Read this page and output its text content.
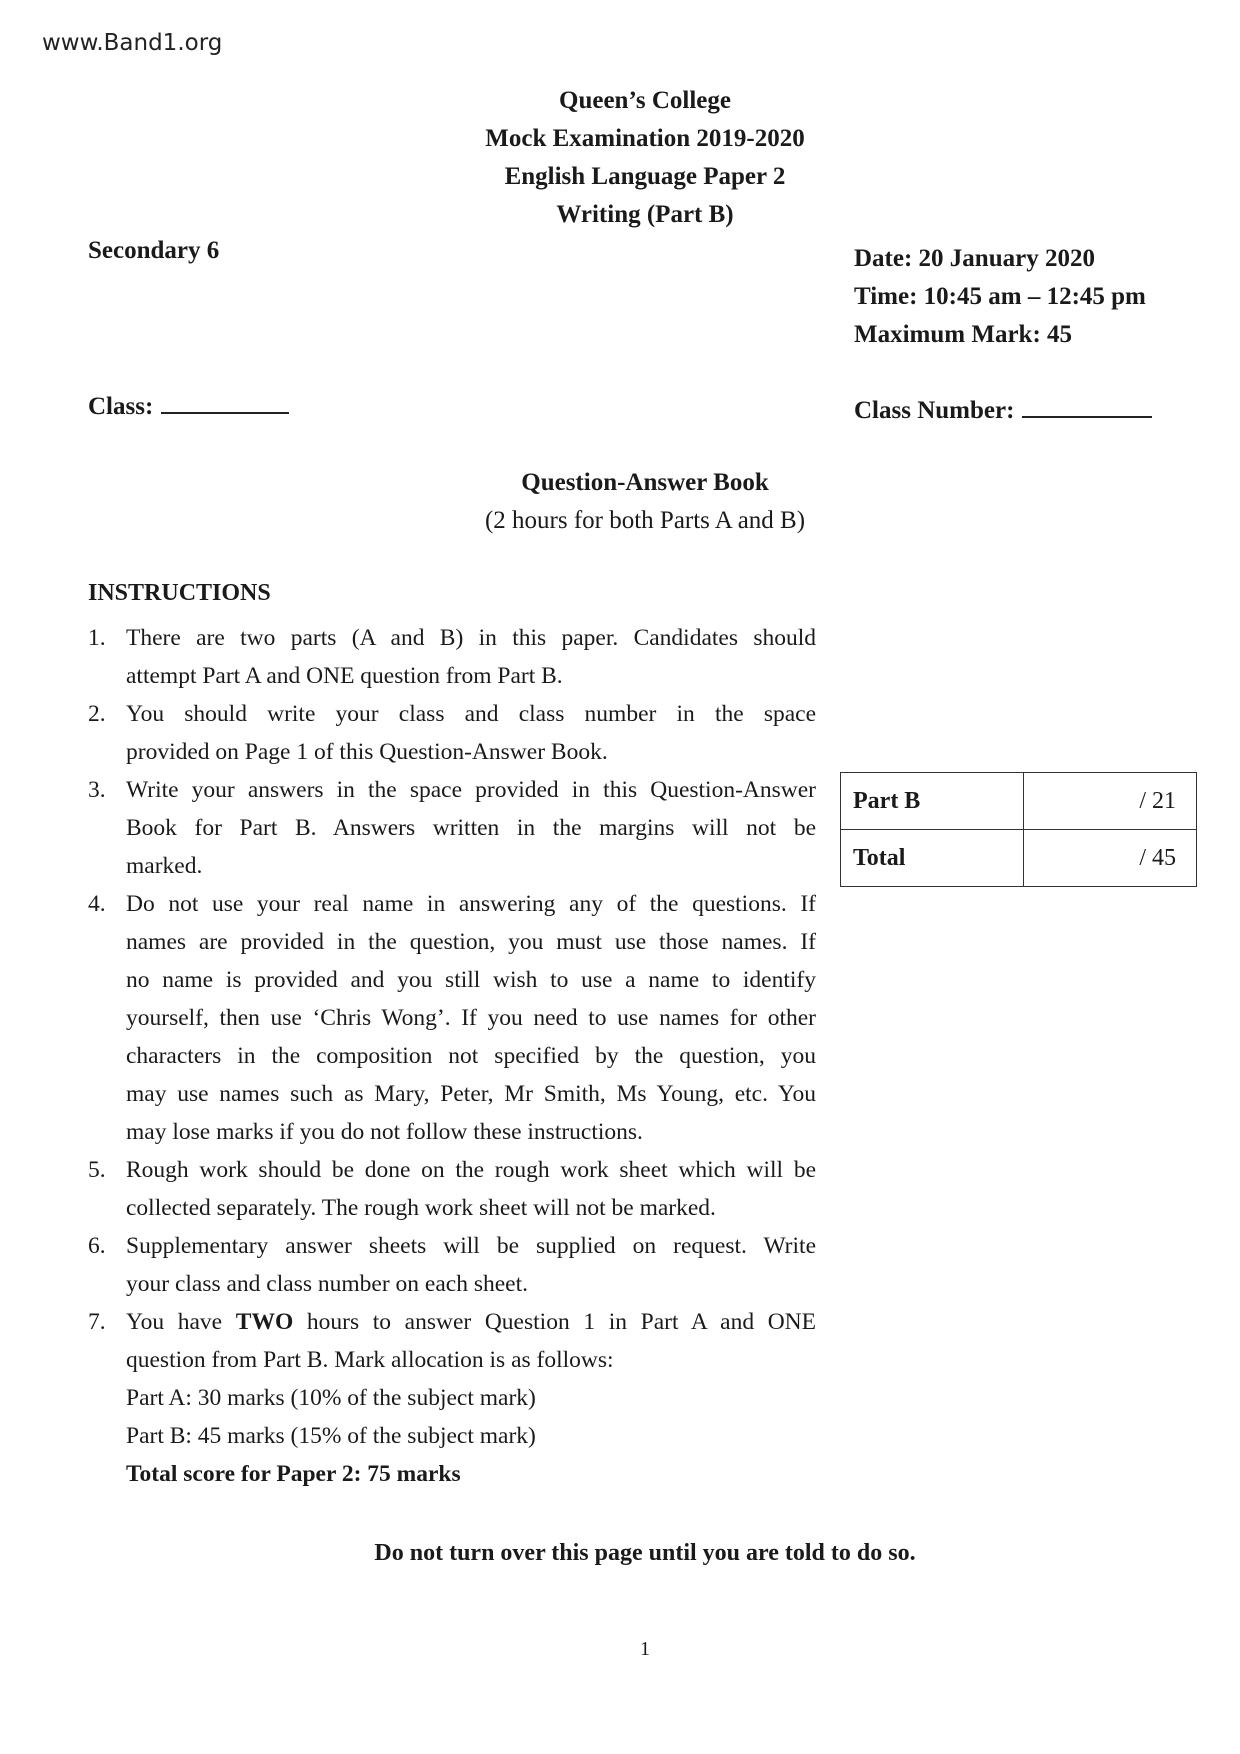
www.Band1.org
Queen’s College
Mock Examination 2019-2020
English Language Paper 2
Writing (Part B)
Secondary 6	Date: 20 January 2020
Time: 10:45 am – 12:45 pm
Maximum Mark: 45
Class:	Class Number:
Question-Answer Book
(2 hours for both Parts A and B)
INSTRUCTIONS
1. There are two parts (A and B) in this paper. Candidates should
attempt Part A and ONE question from Part B.
2. You should write your class and class number in the space
provided on Page 1 of this Question-Answer Book.
3. Write your answers in the space provided in this Question-Answer
Book for Part B. Answers written in the margins will not be
marked.
4. Do not use your real name in answering any of the questions. If
names are provided in the question, you must use those names. If
no name is provided and you still wish to use a name to identify
yourself, then use ‘Chris Wong’. If you need to use names for other
characters in the composition not specified by the question, you
may use names such as Mary, Peter, Mr Smith, Ms Young, etc. You
may lose marks if you do not follow these instructions.
5. Rough work should be done on the rough work sheet which will be
collected separately. The rough work sheet will not be marked.
6. Supplementary answer sheets will be supplied on request. Write
your class and class number on each sheet.
7. You have TWO hours to answer Question 1 in Part A and ONE
question from Part B. Mark allocation is as follows:
Part A: 30 marks (10% of the subject mark)
Part B: 45 marks (15% of the subject mark)
Total score for Paper 2: 75 marks
Part B	/ 21
Total	/ 45
Do not turn over this page until you are told to do so.
1
